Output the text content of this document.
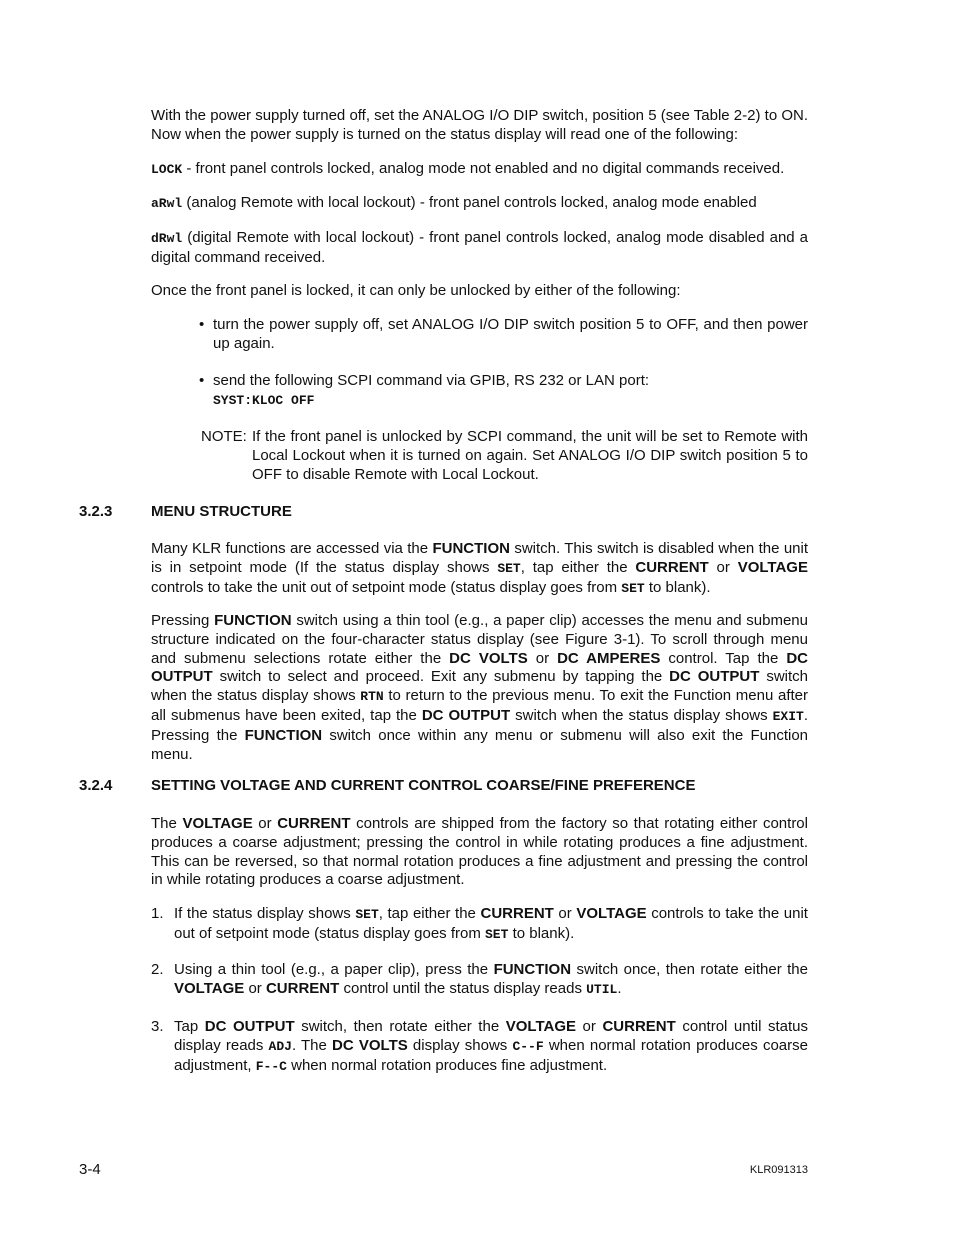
With the power supply turned off, set the ANALOG I/O DIP switch, position 5 (see Table 2-2) to ON. Now when the power supply is turned on the status display will read one of the following:

LOCK - front panel controls locked, analog mode not enabled and no digital commands received.

aRwl (analog Remote with local lockout) - front panel controls locked, analog mode enabled

dRwl (digital Remote with local lockout) - front panel controls locked, analog mode disabled and a digital command received.

Once the front panel is locked, it can only be unlocked by either of the following:

• turn the power supply off, set ANALOG I/O DIP switch position 5 to OFF, and then power up again.
• send the following SCPI command via GPIB, RS 232 or LAN port:
SYST:KLOC OFF
NOTE: If the front panel is unlocked by SCPI command, the unit will be set to Remote with Local Lockout when it is turned on again. Set ANALOG I/O DIP switch position 5 to OFF to disable Remote with Local Lockout.
3.2.3	MENU STRUCTURE

Many KLR functions are accessed via the FUNCTION switch. This switch is disabled when the unit is in setpoint mode (If the status display shows SET, tap either the CURRENT or VOLTAGE controls to take the unit out of setpoint mode (status display goes from SET to blank).

Pressing FUNCTION switch using a thin tool (e.g., a paper clip) accesses the menu and submenu structure indicated on the four-character status display (see Figure 3-1). To scroll through menu and submenu selections rotate either the DC VOLTS or DC AMPERES control. Tap the DC OUTPUT switch to select and proceed. Exit any submenu by tapping the DC OUTPUT switch when the status display shows RTN to return to the previous menu. To exit the Function menu after all submenus have been exited, tap the DC OUTPUT switch when the status display shows EXIT. Pressing the FUNCTION switch once within any menu or submenu will also exit the Function menu.

3.2.4	SETTING VOLTAGE AND CURRENT CONTROL COARSE/FINE PREFERENCE

The VOLTAGE or CURRENT controls are shipped from the factory so that rotating either control produces a coarse adjustment; pressing the control in while rotating produces a fine adjustment. This can be reversed, so that normal rotation produces a fine adjustment and pressing the control in while rotating produces a coarse adjustment.

1. If the status display shows SET, tap either the CURRENT or VOLTAGE controls to take the unit out of setpoint mode (status display goes from SET to blank).
2. Using a thin tool (e.g., a paper clip), press the FUNCTION switch once, then rotate either the VOLTAGE or CURRENT control until the status display reads UTIL.
3. Tap DC OUTPUT switch, then rotate either the VOLTAGE or CURRENT control until status display reads ADJ. The DC VOLTS display shows C--F when normal rotation produces coarse adjustment, F--C when normal rotation produces fine adjustment.
3-4	KLR091313
